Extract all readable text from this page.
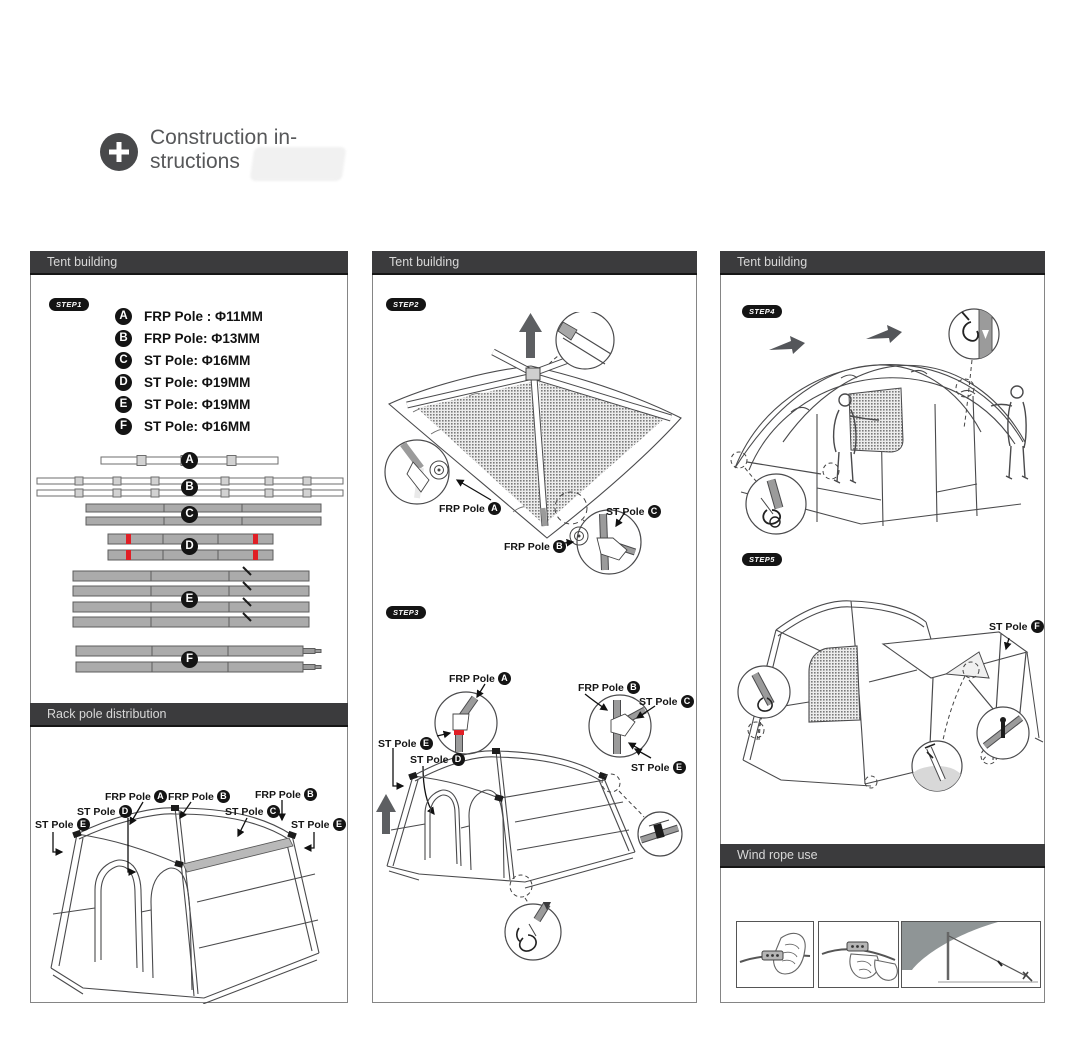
Construction in-
structions
Tent building
STEP1
A	FRP Pole : Φ11MM
B	FRP Pole: Φ13MM
C	ST Pole: Φ16MM
D	ST Pole: Φ19MM
E	ST Pole: Φ19MM
F	ST Pole: Φ16MM
A
B
C
D
E
F
Rack pole distribution
ST Pole E
ST Pole D
FRP Pole A FRP Pole B
ST Pole C
FRP Pole B
ST Pole E
Tent building
STEP2
FRP Pole A
FRP Pole B
ST Pole C
STEP3
FRP Pole A
FRP Pole B
ST Pole C
ST Pole E
ST Pole D
ST Pole E
Tent building
STEP4
STEP5
ST Pole F
Wind rope use
